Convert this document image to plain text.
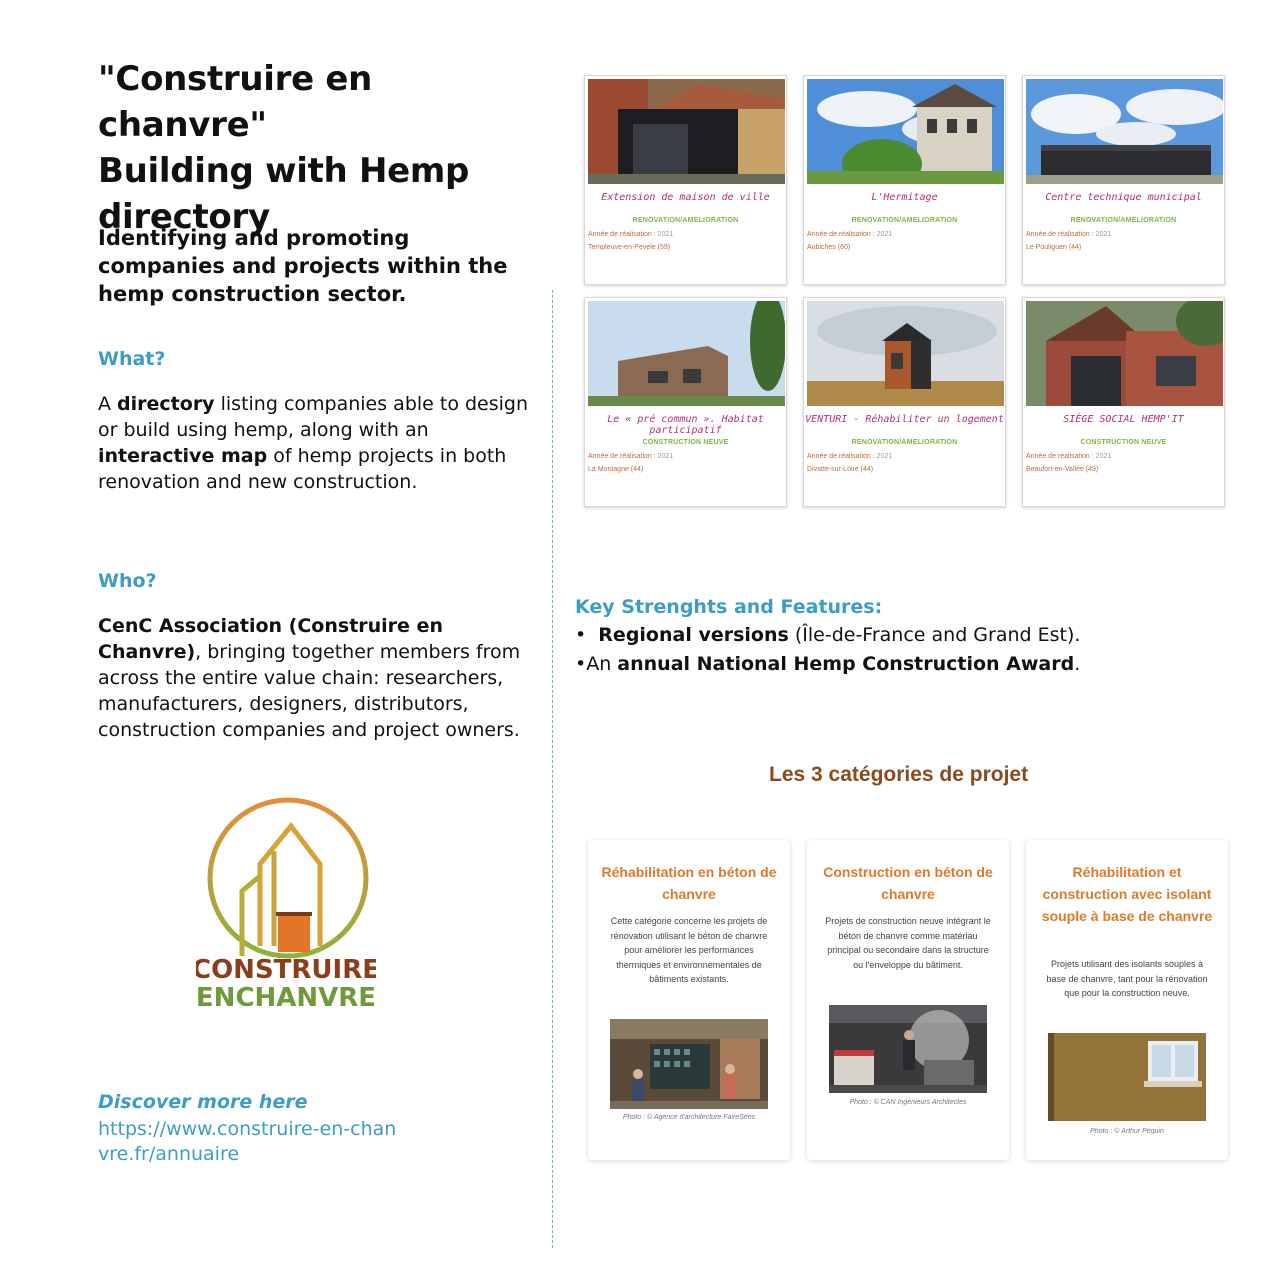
"Construire en chanvre"
Building with Hemp
directory
Identifying and promoting companies and projects within the hemp construction sector.
What?
A directory listing companies able to design or build using hemp, along with an interactive map of hemp projects in both renovation and new construction.
Who?
CenC Association (Construire en Chanvre), bringing together members from across the entire value chain: researchers, manufacturers, designers, distributors, construction companies and project owners.
CONSTRUIRE
ENCHANVRE
Discover more here
https://www.construire-en-chanvre.fr/annuaire
Extension de maison de ville
RENOVATION/AMELIORATION
Année de réalisation : 2021
Templeuve-en-Pevele (59)
L'Hermitage
RENOVATION/AMELIORATION
Année de réalisation : 2021
Aubiches (60)
Centre technique municipal
RENOVATION/AMELIORATION
Année de réalisation : 2021
Le Pouliguen (44)
Le « pré commun ». Habitat participatif
CONSTRUCTION NEUVE
Année de réalisation : 2021
La Montagne (44)
VENTURI - Réhabiliter un logement
RENOVATION/AMELIORATION
Année de réalisation : 2021
Divatte-sur-Loire (44)
SIÈGE SOCIAL HEMP'IT
CONSTRUCTION NEUVE
Année de réalisation : 2021
Beaufort-en-Vallée (49)
Key Strenghts and Features:
•  Regional versions (Île-de-France and Grand Est).
•An annual National Hemp Construction Award.
Les 3 catégories de projet
Réhabilitation en béton de chanvre
Cette catégorie concerne les projets de rénovation utilisant le béton de chanvre pour améliorer les performances thermiques et environnementales de bâtiments existants.
Photo : © Agence d'architecture FaireSens
Construction en béton de chanvre
Projets de construction neuve intégrant le béton de chanvre comme matériau principal ou secondaire dans la structure ou l'enveloppe du bâtiment.
Photo : © CAN Ingénieurs Architectes
Réhabilitation et construction avec isolant souple à base de chanvre
Projets utilisant des isolants souples à base de chanvre, tant pour la rénovation que pour la construction neuve.
Photo : © Arthur Péquin
